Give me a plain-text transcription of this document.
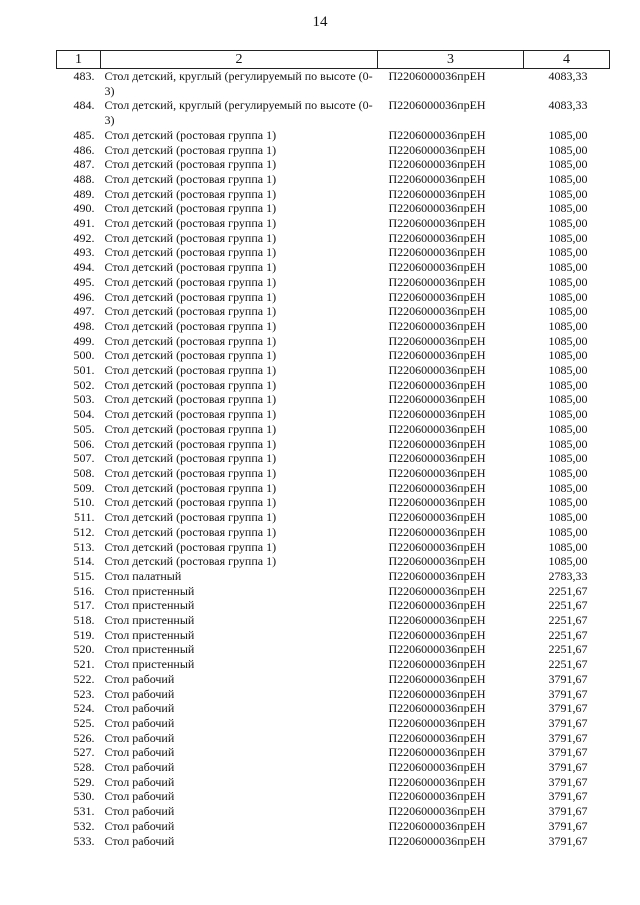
14
1	2	3	4
483.	Стол детский, круглый (регулируемый по высоте (0-3)	П2206000036прЕН	4083,33
484.	Стол детский, круглый (регулируемый по высоте (0-3)	П2206000036прЕН	4083,33
485.	Стол детский (ростовая группа 1)	П2206000036прЕН	1085,00
486.	Стол детский (ростовая группа 1)	П2206000036прЕН	1085,00
487.	Стол детский (ростовая группа 1)	П2206000036прЕН	1085,00
488.	Стол детский (ростовая группа 1)	П2206000036прЕН	1085,00
489.	Стол детский (ростовая группа 1)	П2206000036прЕН	1085,00
490.	Стол детский (ростовая группа 1)	П2206000036прЕН	1085,00
491.	Стол детский (ростовая группа 1)	П2206000036прЕН	1085,00
492.	Стол детский (ростовая группа 1)	П2206000036прЕН	1085,00
493.	Стол детский (ростовая группа 1)	П2206000036прЕН	1085,00
494.	Стол детский (ростовая группа 1)	П2206000036прЕН	1085,00
495.	Стол детский (ростовая группа 1)	П2206000036прЕН	1085,00
496.	Стол детский (ростовая группа 1)	П2206000036прЕН	1085,00
497.	Стол детский (ростовая группа 1)	П2206000036прЕН	1085,00
498.	Стол детский (ростовая группа 1)	П2206000036прЕН	1085,00
499.	Стол детский (ростовая группа 1)	П2206000036прЕН	1085,00
500.	Стол детский (ростовая группа 1)	П2206000036прЕН	1085,00
501.	Стол детский (ростовая группа 1)	П2206000036прЕН	1085,00
502.	Стол детский (ростовая группа 1)	П2206000036прЕН	1085,00
503.	Стол детский (ростовая группа 1)	П2206000036прЕН	1085,00
504.	Стол детский (ростовая группа 1)	П2206000036прЕН	1085,00
505.	Стол детский (ростовая группа 1)	П2206000036прЕН	1085,00
506.	Стол детский (ростовая группа 1)	П2206000036прЕН	1085,00
507.	Стол детский (ростовая группа 1)	П2206000036прЕН	1085,00
508.	Стол детский (ростовая группа 1)	П2206000036прЕН	1085,00
509.	Стол детский (ростовая группа 1)	П2206000036прЕН	1085,00
510.	Стол детский (ростовая группа 1)	П2206000036прЕН	1085,00
511.	Стол детский (ростовая группа 1)	П2206000036прЕН	1085,00
512.	Стол детский (ростовая группа 1)	П2206000036прЕН	1085,00
513.	Стол детский (ростовая группа 1)	П2206000036прЕН	1085,00
514.	Стол детский (ростовая группа 1)	П2206000036прЕН	1085,00
515.	Стол палатный	П2206000036прЕН	2783,33
516.	Стол пристенный	П2206000036прЕН	2251,67
517.	Стол пристенный	П2206000036прЕН	2251,67
518.	Стол пристенный	П2206000036прЕН	2251,67
519.	Стол пристенный	П2206000036прЕН	2251,67
520.	Стол пристенный	П2206000036прЕН	2251,67
521.	Стол пристенный	П2206000036прЕН	2251,67
522.	Стол рабочий	П2206000036прЕН	3791,67
523.	Стол рабочий	П2206000036прЕН	3791,67
524.	Стол рабочий	П2206000036прЕН	3791,67
525.	Стол рабочий	П2206000036прЕН	3791,67
526.	Стол рабочий	П2206000036прЕН	3791,67
527.	Стол рабочий	П2206000036прЕН	3791,67
528.	Стол рабочий	П2206000036прЕН	3791,67
529.	Стол рабочий	П2206000036прЕН	3791,67
530.	Стол рабочий	П2206000036прЕН	3791,67
531.	Стол рабочий	П2206000036прЕН	3791,67
532.	Стол рабочий	П2206000036прЕН	3791,67
533.	Стол рабочий	П2206000036прЕН	3791,67
